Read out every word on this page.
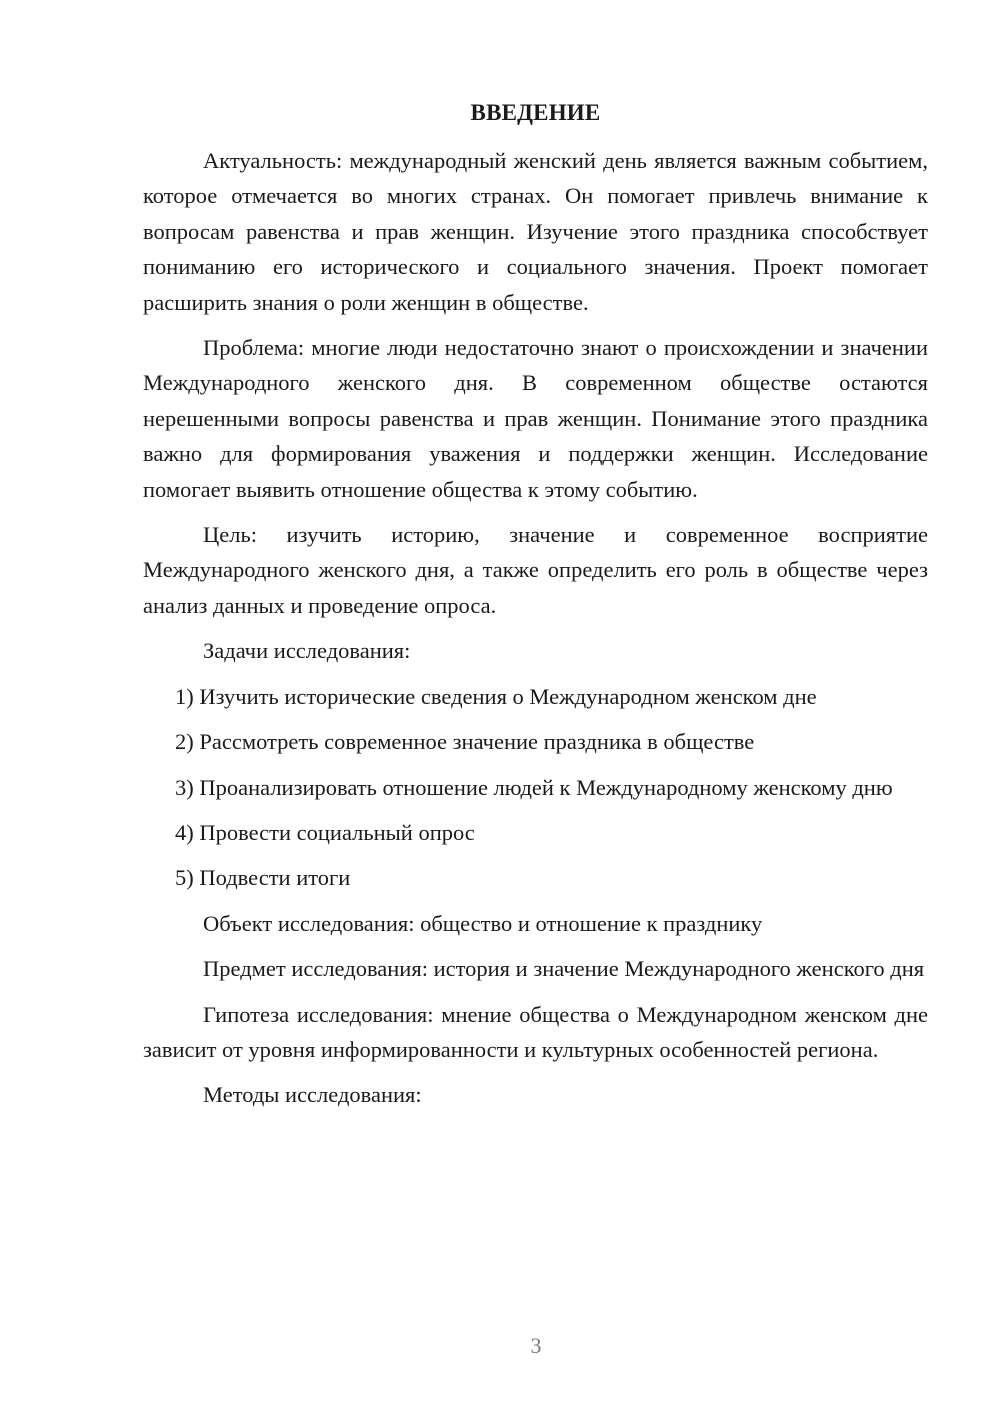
ВВЕДЕНИЕ

Актуальность: международный женский день является важным событием, которое отмечается во многих странах. Он помогает привлечь внимание к вопросам равенства и прав женщин. Изучение этого праздника способствует пониманию его исторического и социального значения. Проект помогает расширить знания о роли женщин в обществе.

Проблема: многие люди недостаточно знают о происхождении и значении Международного женского дня. В современном обществе остаются нерешенными вопросы равенства и прав женщин. Понимание этого праздника важно для формирования уважения и поддержки женщин. Исследование помогает выявить отношение общества к этому событию.

Цель: изучить историю, значение и современное восприятие Международного женского дня, а также определить его роль в обществе через анализ данных и проведение опроса.

Задачи исследования:

1) Изучить исторические сведения о Международном женском дне

2) Рассмотреть современное значение праздника в обществе

3) Проанализировать отношение людей к Международному женскому дню

4) Провести социальный опрос

5) Подвести итоги

Объект исследования: общество и отношение к празднику

Предмет исследования: история и значение Международного женского дня

Гипотеза исследования: мнение общества о Международном женском дне зависит от уровня информированности и культурных особенностей региона.

Методы исследования:

3
